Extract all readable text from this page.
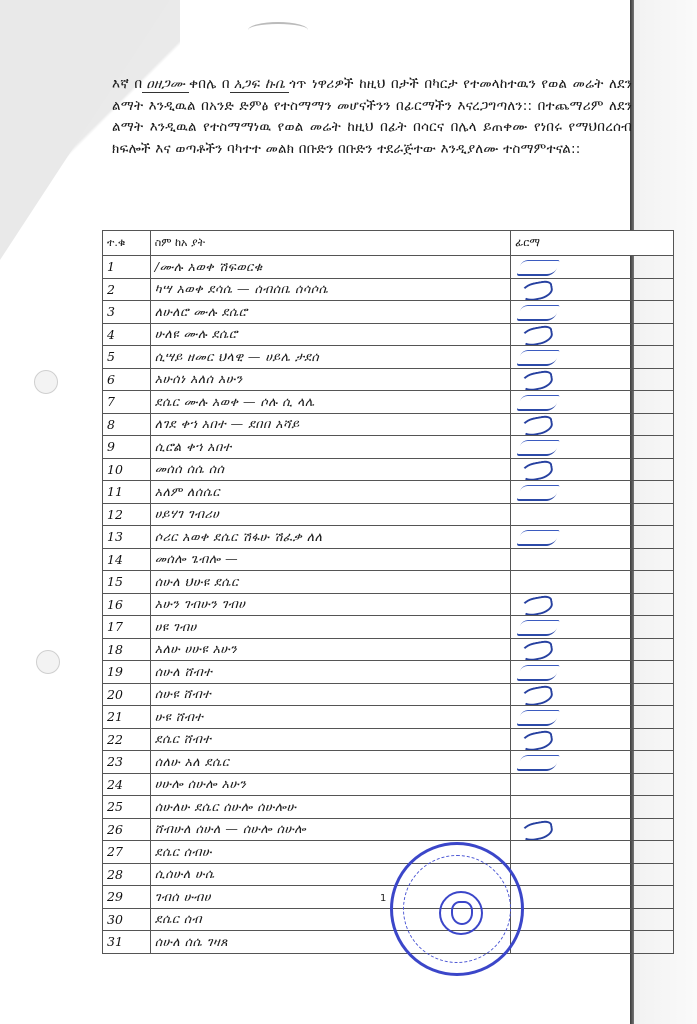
እኛ በ ዐዘጋሙ ቀበሌ በ አጋፍ ኩቤ ጎጥ ነዋሪዎች ከዚህ በታች በካርታ የተመላከተዉን የወል መሬት ለደን ልማት እንዲዉል በአንድ ድምፅ የተስማማን መሆናችንን በፊርማችን እናረጋግጣለን:: በተጨማሪም ለደን ልማት እንዲዉል የተስማማነዉ የወል መሬት ከዚህ በፊት በሳርና በሌላ ይጠቀሙ የነበሩ የማህበረሰብ ክፍሎች እና ወጣቶችን ባካተተ መልክ በቡድን በቡድን ተደራጅተው እንዲያለሙ ተስማምተናል::
ተ.ቁ	ስም ከአ ያት	ፊርማ
1	/ሙሉ አወቀ ሽፍወርቁ	

2	ካሣ አወቀ ደሳሴ — ሰብሰቤ ሰሳሶሴ	

3	ለሁለሮ ሙሉ ደሴሮ	

4	ሁለዩ ሙሉ ደሴሮ	

5	ሲሣይ ዘመር ህላዊ — ሀይሌ ታደሰ	

6	አሁሰነ አለሰ አሁን	

7	ደሴር ሙሉ አወቀ — ሶሉ ሲ ላሌ	

8	ለገደ ቀኀ አበተ — ደበበ አሻይ	

9	ሲሮል ቀኀ አበተ	

10	መሰሰ ሰሴ ሰሰ	

11	አለም ለሰሴር	

12	ሀይሃገ ገብሪሀ	
13	ሶሪር አወቀ ደሴር ሽፋሁ ሽፈቃ ለለ	

14	መሰሎ ጌብሎ —	
15	ሰሁለ ህሁዩ ደሴር	
16	አሁን ገብሁን ገብሀ	

17	ሀዩ ገብሀ	

18	አለሁ ሀሁዩ አሁን	

19	ሰሁለ ሸብተ	

20	ሰሁዩ ሸብተ	

21	ሁዩ ሸብተ	

22	ደሴር ሸብተ	

23	ሰለሁ አለ ደሴር	

24	ሀሁሎ ሰሁሎ አሁን	
25	ሰሁለሁ ደሴር ሰሁሎ ሰሁሎሁ	
26	ሸብሁለ ሰሁለ — ሰሁሎ ሰሁሎ	

27	ደሴር ሰብሁ	
28	ሲሰሁለ ሁሴ	
29	ገብሰ ሁብሀ	
30	ደሴር ሰብ	
31	ሰሁለ ሰሴ ገዛጸ	
1
